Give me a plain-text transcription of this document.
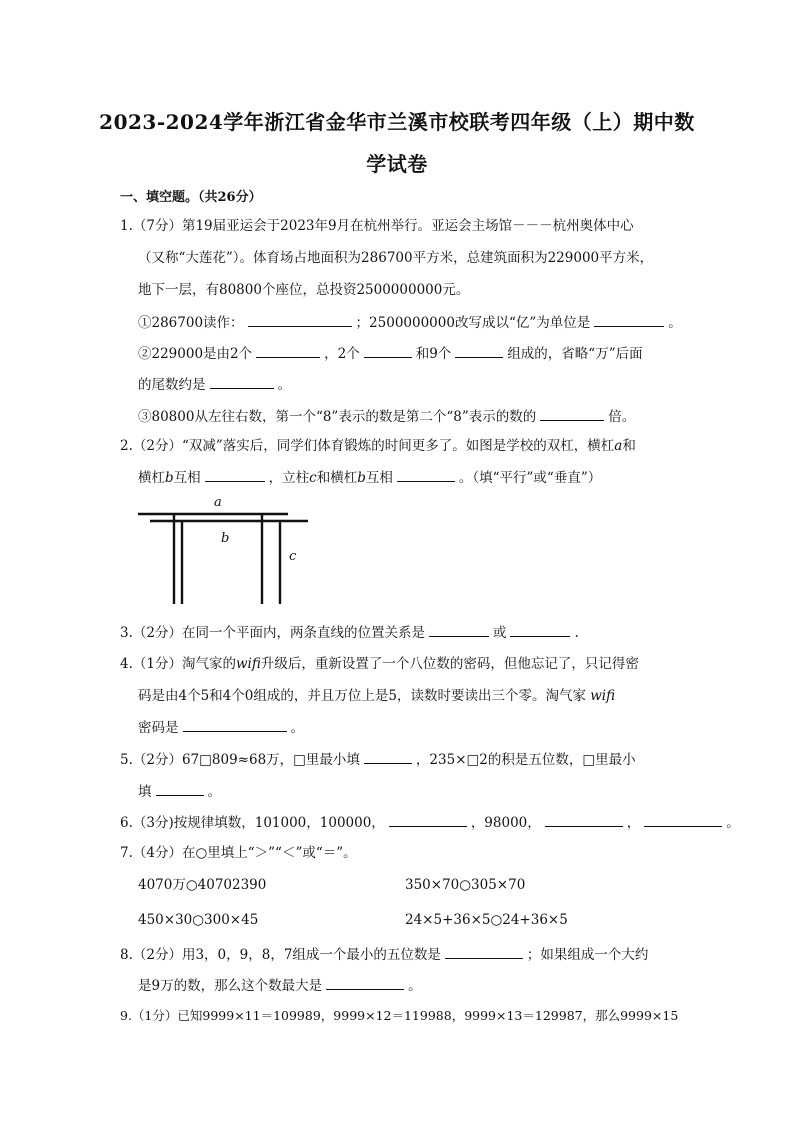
2023-2024学年浙江省金华市兰溪市校联考四年级（上）期中数
学试卷
一、填空题。（共26分）
1.（7分）第19届亚运会于2023年9月在杭州举行。亚运会主场馆－－－杭州奥体中心
（又称“大莲花”）。体育场占地面积为286700平方米，总建筑面积为229000平方米，
地下一层，有80800个座位，总投资2500000000元。
①286700读作：	；2500000000改写成以“亿”为单位是	。
②229000是由2个	，2个	和9个	组成的，省略“万”后面
的尾数约是	。
③80800从左往右数，第一个“8”表示的数是第二个“8”表示的数的	倍。
2.（2分）“双减”落实后，同学们体育锻炼的时间更多了。如图是学校的双杠，横杠a和
横杠b互相	，立柱c和横杠b互相	。（填“平行”或“垂直”）
a
b
c
3.（2分）在同一个平面内，两条直线的位置关系是	或	.
4.（1分）淘气家的wifi升级后，重新设置了一个八位数的密码，但他忘记了，只记得密
码是由4个5和4个0组成的，并且万位上是5，读数时要读出三个零。淘气家 wifi
密码是	。
5.（2分）67□809≈68万，□里最小填	，235×□2的积是五位数，□里最小
填	。
6.（3分)按规律填数，101000，100000，	，98000，	，	。
7.（4分）在○里填上“＞”“＜”或“＝”。
4070万○40702390	350×70○305×70
450×30○300×45	24×5+36×5○24+36×5
8.（2分）用3，0，9，8，7组成一个最小的五位数是	；如果组成一个大约
是9万的数，那么这个数最大是	。
9.（1分）已知9999×11＝109989，9999×12＝119988，9999×13＝129987，那么9999×15
